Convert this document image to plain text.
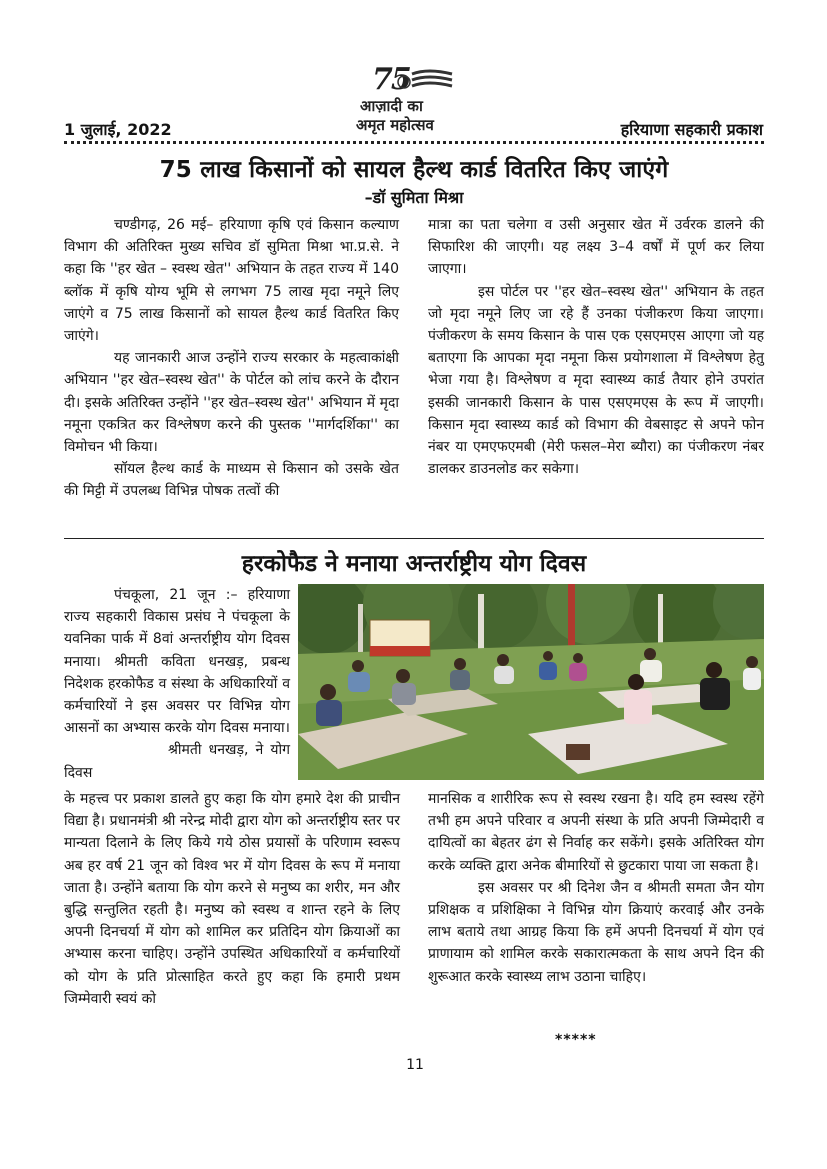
75
आज़ादी का
अमृत महोत्सव
1 जुलाई, 2022	हरियाणा सहकारी प्रकाश
75 लाख किसानों को सायल हैल्थ कार्ड वितरित किए जाएंगे
–डॉ सुमिता मिश्रा

चण्डीगढ़, 26 मई– हरियाणा कृषि एवं किसान कल्याण विभाग की अतिरिक्त मुख्य सचिव डॉ सुमिता मिश्रा भा.प्र.से. ने कहा कि ''हर खेत – स्वस्थ खेत'' अभियान के तहत राज्य में 140 ब्लॉक में कृषि योग्य भूमि से लगभग 75 लाख मृदा नमूने लिए जाएंगे व 75 लाख किसानों को सायल हैल्थ कार्ड वितरित किए जाएंगे।

यह जानकारी आज उन्होंने राज्य सरकार के महत्वाकांक्षी अभियान ''हर खेत–स्वस्थ खेत'' के पोर्टल को लांच करने के दौरान दी। इसके अतिरिक्त उन्होंने ''हर खेत–स्वस्थ खेत'' अभियान में मृदा नमूना एकत्रित कर विश्लेषण करने की पुस्तक ''मार्गदर्शिका'' का विमोचन भी किया।

सॉयल हैल्थ कार्ड के माध्यम से किसान को उसके खेत की मिट्टी में उपलब्ध विभिन्न पोषक तत्वों की

मात्रा का पता चलेगा व उसी अनुसार खेत में उर्वरक डालने की सिफारिश की जाएगी। यह लक्ष्य 3–4 वर्षों में पूर्ण कर लिया जाएगा।

इस पोर्टल पर ''हर खेत–स्वस्थ खेत'' अभियान के तहत जो मृदा नमूने लिए जा रहे हैं उनका पंजीकरण किया जाएगा। पंजीकरण के समय किसान के पास एक एसएमएस आएगा जो यह बताएगा कि आपका मृदा नमूना किस प्रयोगशाला में विश्लेषण हेतु भेजा गया है। विश्लेषण व मृदा स्वास्थ्य कार्ड तैयार होने उपरांत इसकी जानकारी किसान के पास एसएमएस के रूप में जाएगी। किसान मृदा स्वास्थ्य कार्ड को विभाग की वेबसाइट से अपने फोन नंबर या एमएफएमबी (मेरी फसल–मेरा ब्यौरा) का पंजीकरण नंबर डालकर डाउनलोड कर सकेगा।

हरकोफैड ने मनाया अन्तर्राष्ट्रीय योग दिवस

पंचकूला, 21 जून :– हरियाणा राज्य सहकारी विकास प्रसंघ ने पंचकूला के यवनिका पार्क में 8वां अन्तर्राष्ट्रीय योग दिवस मनाया। श्रीमती कविता धनखड़, प्रबन्ध निदेशक हरकोफैड व संस्था के अधिकारियों व कर्मचारियों ने इस अवसर पर विभिन्न योग आसनों का अभ्यास करके योग दिवस मनाया।

श्रीमती धनखड़, ने योग दिवस

के महत्त्व पर प्रकाश डालते हुए कहा कि योग हमारे देश की प्राचीन विद्या है। प्रधानमंत्री श्री नरेन्द्र मोदी द्वारा योग को अन्तर्राष्ट्रीय स्तर पर मान्यता दिलाने के लिए किये गये ठोस प्रयासों के परिणाम स्वरूप अब हर वर्ष 21 जून को विश्व भर में योग दिवस के रूप में मनाया जाता है। उन्होंने बताया कि योग करने से मनुष्य का शरीर, मन और बुद्धि सन्तुलित रहती है। मनुष्य को स्वस्थ व शान्त रहने के लिए अपनी दिनचर्या में योग को शामिल कर प्रतिदिन योग क्रियाओं का अभ्यास करना चाहिए। उन्होंने उपस्थित अधिकारियों व कर्मचारियों को योग के प्रति प्रोत्साहित करते हुए कहा कि हमारी प्रथम जिम्मेवारी स्वयं को

मानसिक व शारीरिक रूप से स्वस्थ रखना है। यदि हम स्वस्थ रहेंगे तभी हम अपने परिवार व अपनी संस्था के प्रति अपनी जिम्मेदारी व दायित्वों का बेहतर ढंग से निर्वाह कर सकेंगे। इसके अतिरिक्त योग करके व्यक्ति द्वारा अनेक बीमारियों से छुटकारा पाया जा सकता है।

इस अवसर पर श्री दिनेश जैन व श्रीमती समता जैन योग प्रशिक्षक व प्रशिक्षिका ने विभिन्न योग क्रियाएं करवाई और उनके लाभ बताये तथा आग्रह किया कि हमें अपनी दिनचर्या में योग एवं प्राणायाम को शामिल करके सकारात्मकता के साथ अपने दिन की शुरूआत करके स्वास्थ्य लाभ उठाना चाहिए।

*****
11
